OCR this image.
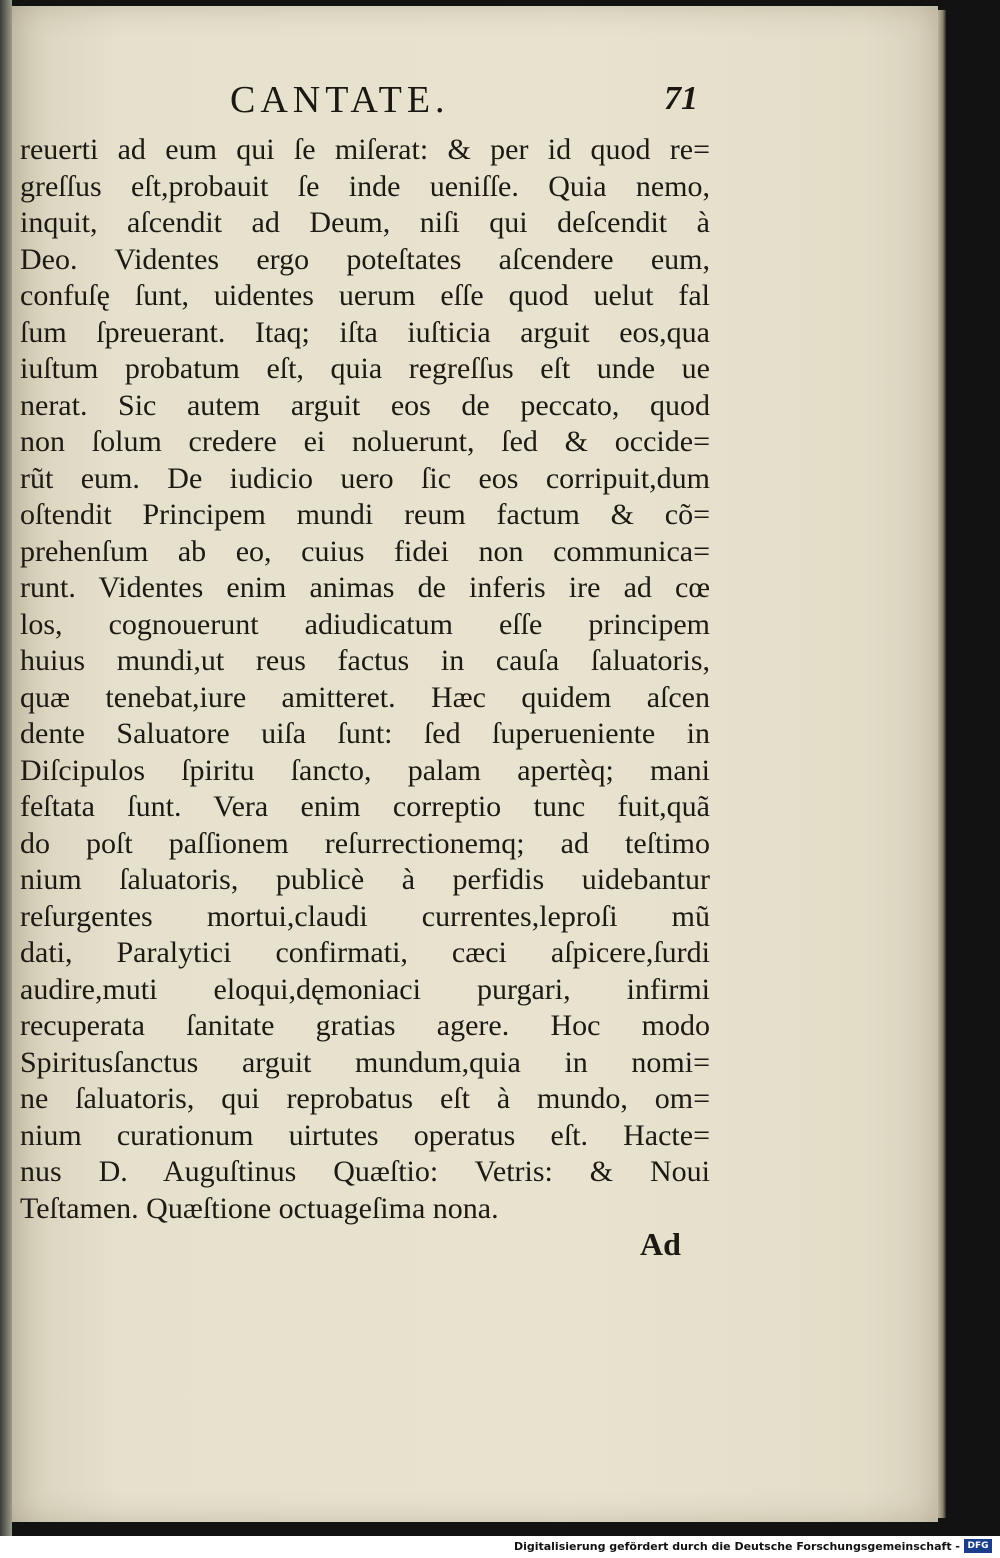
CANTATE.	71
reuerti ad eum qui ſe miſerat: & per id quod re=
greſſus eſt,probauit ſe inde ueniſſe. Quia nemo,
inquit, aſcendit ad Deum, niſi qui deſcendit à
Deo. Videntes ergo poteſtates aſcendere eum,
confuſę ſunt, uidentes uerum eſſe quod uelut fal
ſum ſpreuerant. Itaq; iſta iuſticia arguit eos,qua
iuſtum probatum eſt, quia regreſſus eſt unde ue
nerat. Sic autem arguit eos de peccato, quod
non ſolum credere ei noluerunt, ſed & occide=
rũt eum. De iudicio uero ſic eos corripuit,dum
oſtendit Principem mundi reum factum & cõ=
prehenſum ab eo, cuius fidei non communica=
runt. Videntes enim animas de inferis ire ad cœ
los, cognouerunt adiudicatum eſſe principem
huius mundi,ut reus factus in cauſa ſaluatoris,
quæ tenebat,iure amitteret. Hæc quidem aſcen
dente Saluatore uiſa ſunt: ſed ſuperueniente in
Diſcipulos ſpiritu ſancto, palam apertèq; mani
feſtata ſunt. Vera enim correptio tunc fuit,quã
do poſt paſſionem reſurrectionemq; ad teſtimo
nium ſaluatoris, publicè à perfidis uidebantur
reſurgentes mortui,claudi currentes,leproſi mũ
dati, Paralytici confirmati, cæci aſpicere,ſurdi
audire,muti eloqui,dęmoniaci purgari, infirmi
recuperata ſanitate gratias agere. Hoc modo
Spiritusſanctus arguit mundum,quia in nomi=
ne ſaluatoris, qui reprobatus eſt à mundo, om=
nium curationum uirtutes operatus eſt. Hacte=
nus D. Auguſtinus Quæſtio: Vetris: & Noui
Teſtamen. Quæſtione octuageſima nona.
Ad
Digitalisierung gefördert durch die Deutsche Forschungsgemeinschaft - DFG
